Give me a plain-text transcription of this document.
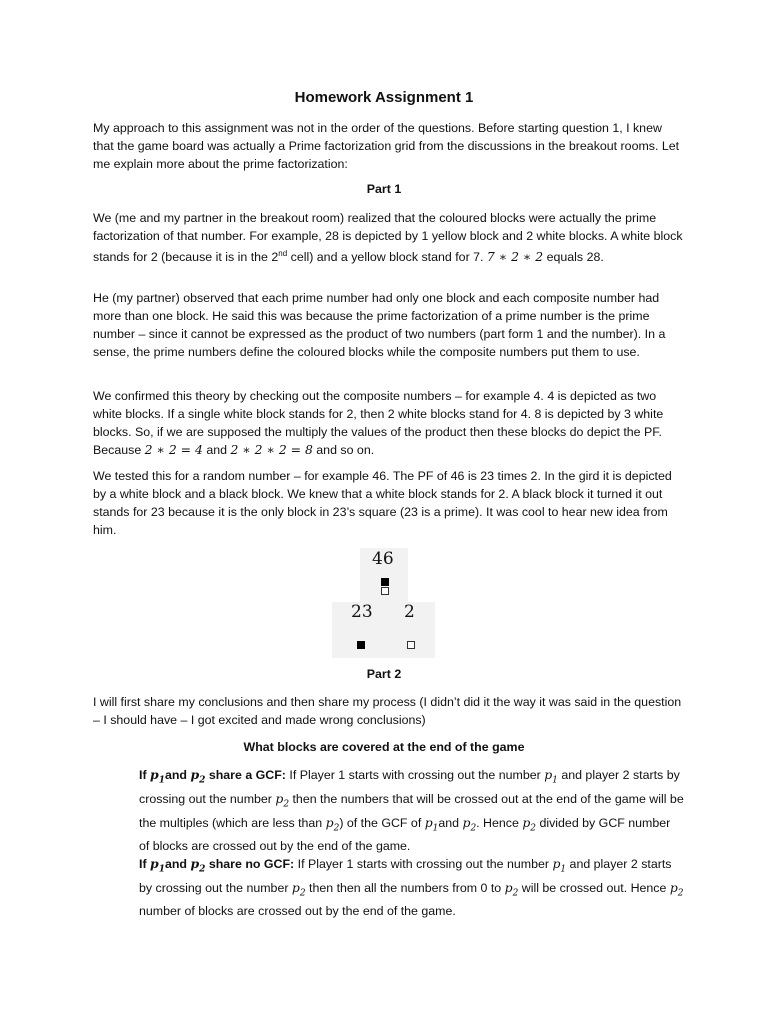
Homework Assignment 1
My approach to this assignment was not in the order of the questions. Before starting question 1, I knew that the game board was actually a Prime factorization grid from the discussions in the breakout rooms. Let me explain more about the prime factorization:
Part 1
We (me and my partner in the breakout room) realized that the coloured blocks were actually the prime factorization of that number. For example, 28 is depicted by 1 yellow block and 2 white blocks. A white block stands for 2 (because it is in the 2nd cell) and a yellow block stand for 7. 7 ∗ 2 ∗ 2 equals 28.
He (my partner) observed that each prime number had only one block and each composite number had more than one block. He said this was because the prime factorization of a prime number is the prime number – since it cannot be expressed as the product of two numbers (part form 1 and the number). In a sense, the prime numbers define the coloured blocks while the composite numbers put them to use.
We confirmed this theory by checking out the composite numbers – for example 4. 4 is depicted as two white blocks. If a single white block stands for 2, then 2 white blocks stand for 4. 8 is depicted by 3 white blocks. So, if we are supposed the multiply the values of the product then these blocks do depict the PF. Because 2 ∗ 2 = 4 and 2 ∗ 2 ∗ 2 = 8 and so on.
We tested this for a random number – for example 46. The PF of 46 is 23 times 2. In the gird it is depicted by a white block and a black block. We knew that a white block stands for 2. A black block it turned it out stands for 23 because it is the only block in 23’s square (23 is a prime). It was cool to hear new idea from him.
46
23 2
Part 2
I will first share my conclusions and then share my process (I didn’t did it the way it was said in the question – I should have – I got excited and made wrong conclusions)
What blocks are covered at the end of the game
If $p_1and$ $p_2$ share a GCF: If Player 1 starts with crossing out the number $p_1$ and player 2 starts by crossing out the number $p_2$ then the numbers that will be crossed out at the end of the game will be the multiples (which are less than $p_2$) of the GCF of $p_1and$ $p_2$. Hence $p_2$ divided by GCF number of blocks are crossed out by the end of the game.
If $p_1and$ $p_2$ share no GCF: If Player 1 starts with crossing out the number $p_1$ and player 2 starts by crossing out the number $p_2$ then then all the numbers from 0 to $p_2$ will be crossed out. Hence $p_2$ number of blocks are crossed out by the end of the game.
